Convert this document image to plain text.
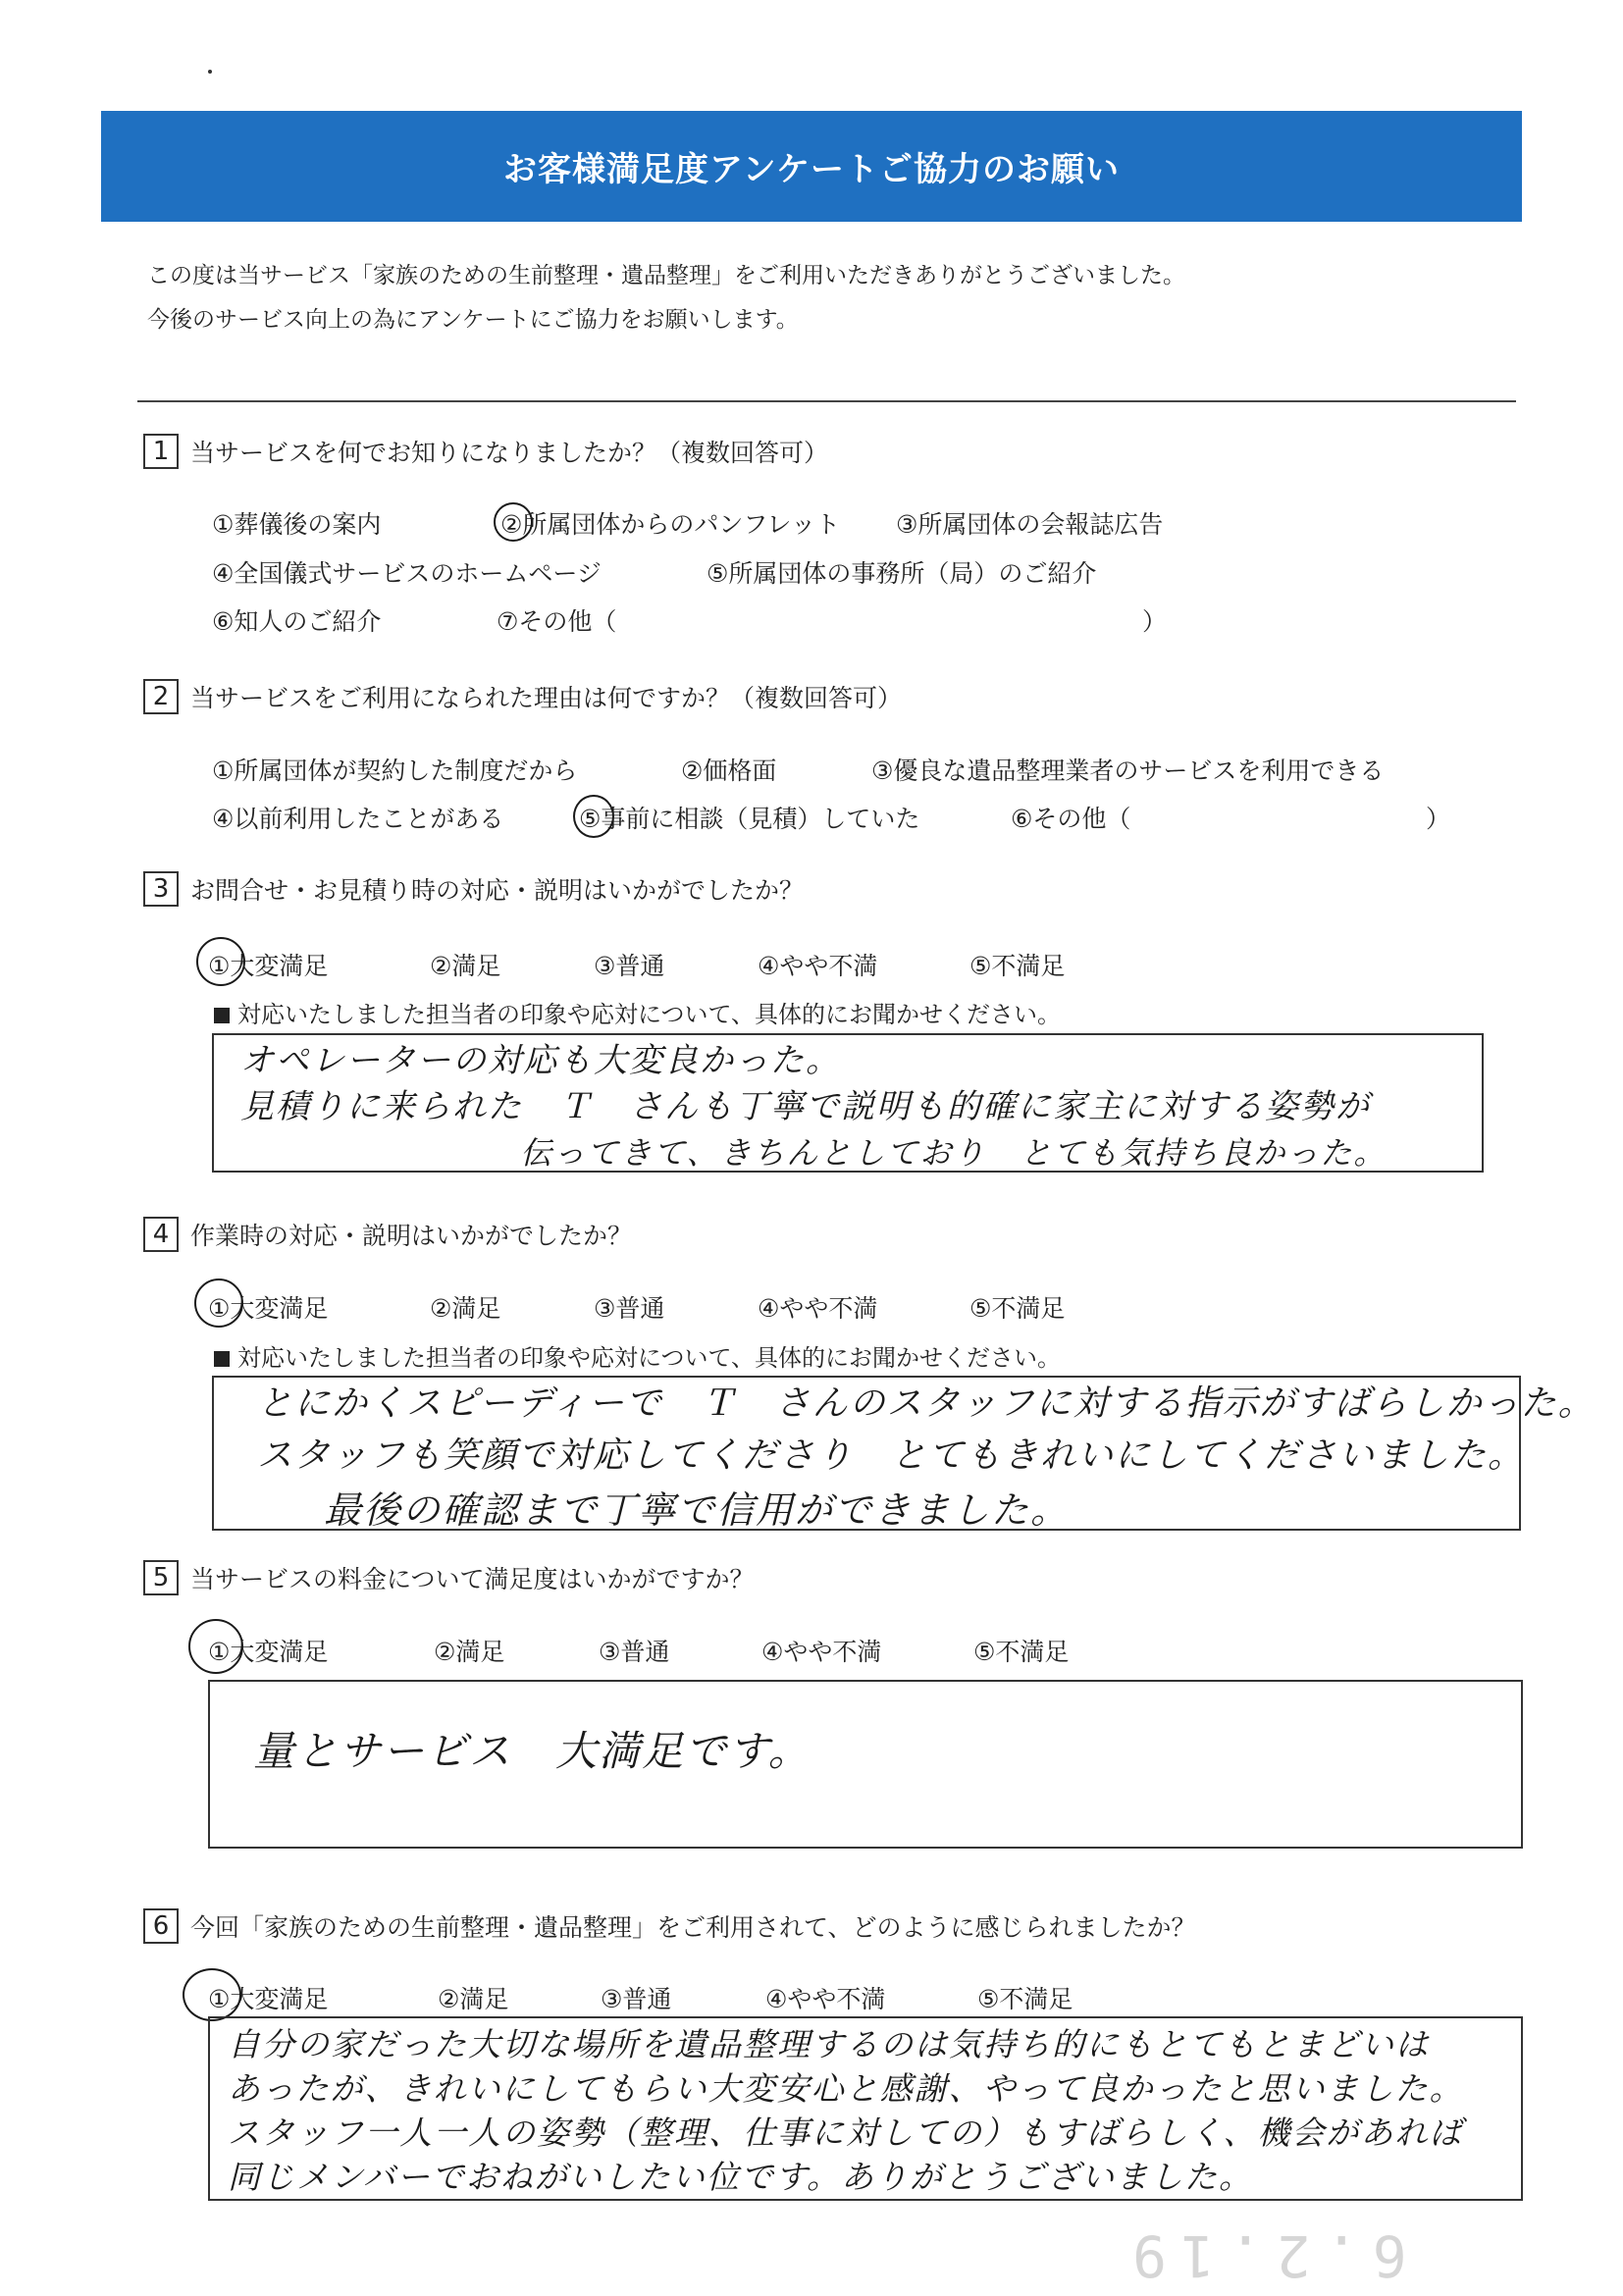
お客様満足度アンケートご協力のお願い
この度は当サービス「家族のための生前整理・遺品整理」をご利用いただきありがとうございました。
今後のサービス向上の為にアンケートにご協力をお願いします。
1 当サービスを何でお知りになりましたか？（複数回答可）
①葬儀後の案内	②所属団体からのパンフレット ③所属団体の会報誌広告
④全国儀式サービスのホームページ	⑤所属団体の事務所（局）のご紹介
⑥知人のご紹介	⑦その他（	）
2 当サービスをご利用になられた理由は何ですか？（複数回答可）
①所属団体が契約した制度だから	②価格面	③優良な遺品整理業者のサービスを利用できる
④以前利用したことがある	⑤事前に相談（見積）していた	⑥その他（	）
3 お問合せ・お見積り時の対応・説明はいかがでしたか？
①大変満足	②満足	③普通	④やや不満	⑤不満足
対応いたしました担当者の印象や応対について、具体的にお聞かせください。
オペレーターの対応も大変良かった。
見積りに来られた　Ｔ　さんも丁寧で説明も的確に家主に対する姿勢が
伝ってきて、きちんとしており　とても気持ち良かった。
4 作業時の対応・説明はいかがでしたか？
①大変満足	②満足	③普通	④やや不満	⑤不満足
対応いたしました担当者の印象や応対について、具体的にお聞かせください。
とにかくスピーディーで　Ｔ　さんのスタッフに対する指示がすばらしかった。
スタッフも笑顔で対応してくださり　とてもきれいにしてくださいました。
最後の確認まで丁寧で信用ができました。
5 当サービスの料金について満足度はいかがですか？
①大変満足	②満足	③普通	④やや不満	⑤不満足
量とサービス　大満足です。
6 今回「家族のための生前整理・遺品整理」をご利用されて、どのように感じられましたか？
①大変満足	②満足	③普通	④やや不満	⑤不満足
自分の家だった大切な場所を遺品整理するのは気持ち的にもとてもとまどいは
あったが、きれいにしてもらい大変安心と感謝、やって良かったと思いました。
スタッフ一人一人の姿勢（整理、仕事に対しての）もすばらしく、機会があれば
同じメンバーでおねがいしたい位です。ありがとうございました。
6.2.19
